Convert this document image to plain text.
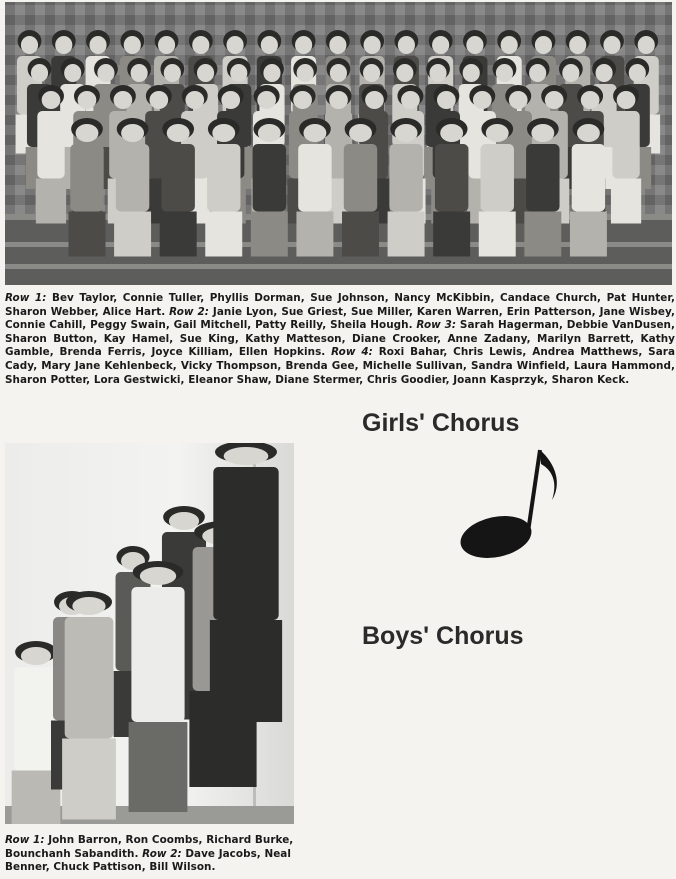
Row 1: Bev Taylor, Connie Tuller, Phyllis Dorman, Sue Johnson, Nancy McKibbin, Candace Church, Pat Hunter, Sharon Webber, Alice Hart. Row 2: Janie Lyon, Sue Griest, Sue Miller, Karen Warren, Erin Patterson, Jane Wisbey, Connie Cahill, Peggy Swain, Gail Mitchell, Patty Reilly, Sheila Hough. Row 3: Sarah Hagerman, Debbie VanDusen, Sharon Button, Kay Hamel, Sue King, Kathy Matteson, Diane Crooker, Anne Zadany, Marilyn Barrett, Kathy Gamble, Brenda Ferris, Joyce Killiam, Ellen Hopkins. Row 4: Roxi Bahar, Chris Lewis, Andrea Matthews, Sara Cady, Mary Jane Kehlenbeck, Vicky Thompson, Brenda Gee, Michelle Sullivan, Sandra Winfield, Laura Hammond, Sharon Potter, Lora Gestwicki, Eleanor Shaw, Diane Stermer, Chris Goodier, Joann Kasprzyk, Sharon Keck.

Girls' Chorus

Row 1: John Barron, Ron Coombs, Richard Burke, Bounchanh Sabandith. Row 2: Dave Jacobs, Neal Benner, Chuck Pattison, Bill Wilson.

Boys' Chorus
